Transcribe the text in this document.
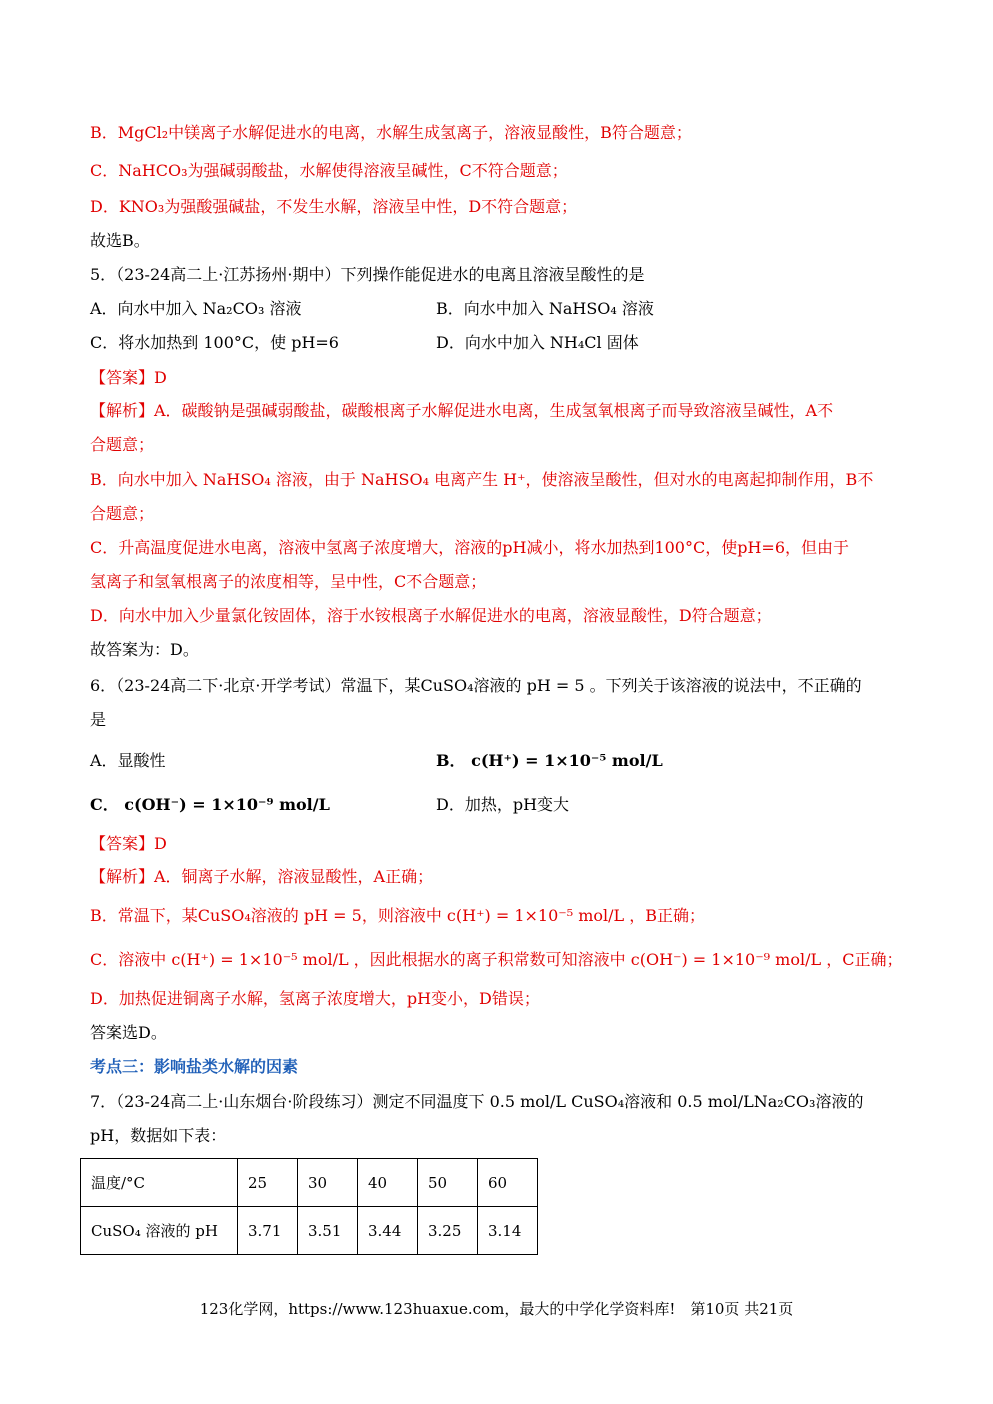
B．MgCl₂中镁离子水解促进水的电离，水解生成氢离子，溶液显酸性，B符合题意；
C．NaHCO₃为强碱弱酸盐，水解使得溶液呈碱性，C不符合题意；
D．KNO₃为强酸强碱盐，不发生水解，溶液呈中性，D不符合题意；
故选B。
5．（23-24高二上·江苏扬州·期中）下列操作能促进水的电离且溶液呈酸性的是
A．向水中加入 Na₂CO₃ 溶液	B．向水中加入 NaHSO₄ 溶液
C．将水加热到 100°C，使 pH=6	D．向水中加入 NH₄Cl 固体
【答案】D
【解析】A．碳酸钠是强碱弱酸盐，碳酸根离子水解促进水电离，生成氢氧根离子而导致溶液呈碱性，A不
合题意；
B．向水中加入 NaHSO₄ 溶液，由于 NaHSO₄ 电离产生 H⁺，使溶液呈酸性，但对水的电离起抑制作用，B不
合题意；
C．升高温度促进水电离，溶液中氢离子浓度增大，溶液的pH减小，将水加热到100°C，使pH=6，但由于
氢离子和氢氧根离子的浓度相等，呈中性，C不合题意；
D．向水中加入少量氯化铵固体，溶于水铵根离子水解促进水的电离，溶液显酸性，D符合题意；
故答案为：D。
6．（23-24高二下·北京·开学考试）常温下，某CuSO₄溶液的 pH = 5 。下列关于该溶液的说法中，不正确的
是
A．显酸性	B． c(H⁺) = 1×10⁻⁵ mol/L
C． c(OH⁻) = 1×10⁻⁹ mol/L	D．加热，pH变大
【答案】D
【解析】A．铜离子水解，溶液显酸性，A正确；
B．常温下，某CuSO₄溶液的 pH = 5，则溶液中 c(H⁺) = 1×10⁻⁵ mol/L ，B正确；
C．溶液中 c(H⁺) = 1×10⁻⁵ mol/L ，因此根据水的离子积常数可知溶液中 c(OH⁻) = 1×10⁻⁹ mol/L ，C正确；
D．加热促进铜离子水解，氢离子浓度增大，pH变小，D错误；
答案选D。
考点三：影响盐类水解的因素
7．（23-24高二上·山东烟台·阶段练习）测定不同温度下 0.5 mol/L CuSO₄溶液和 0.5 mol/LNa₂CO₃溶液的
pH，数据如下表：
温度/°C	25	30	40	50	60
CuSO₄ 溶液的 pH	3.71	3.51	3.44	3.25	3.14
123化学网，https://www.123huaxue.com，最大的中学化学资料库!　第10页 共21页
